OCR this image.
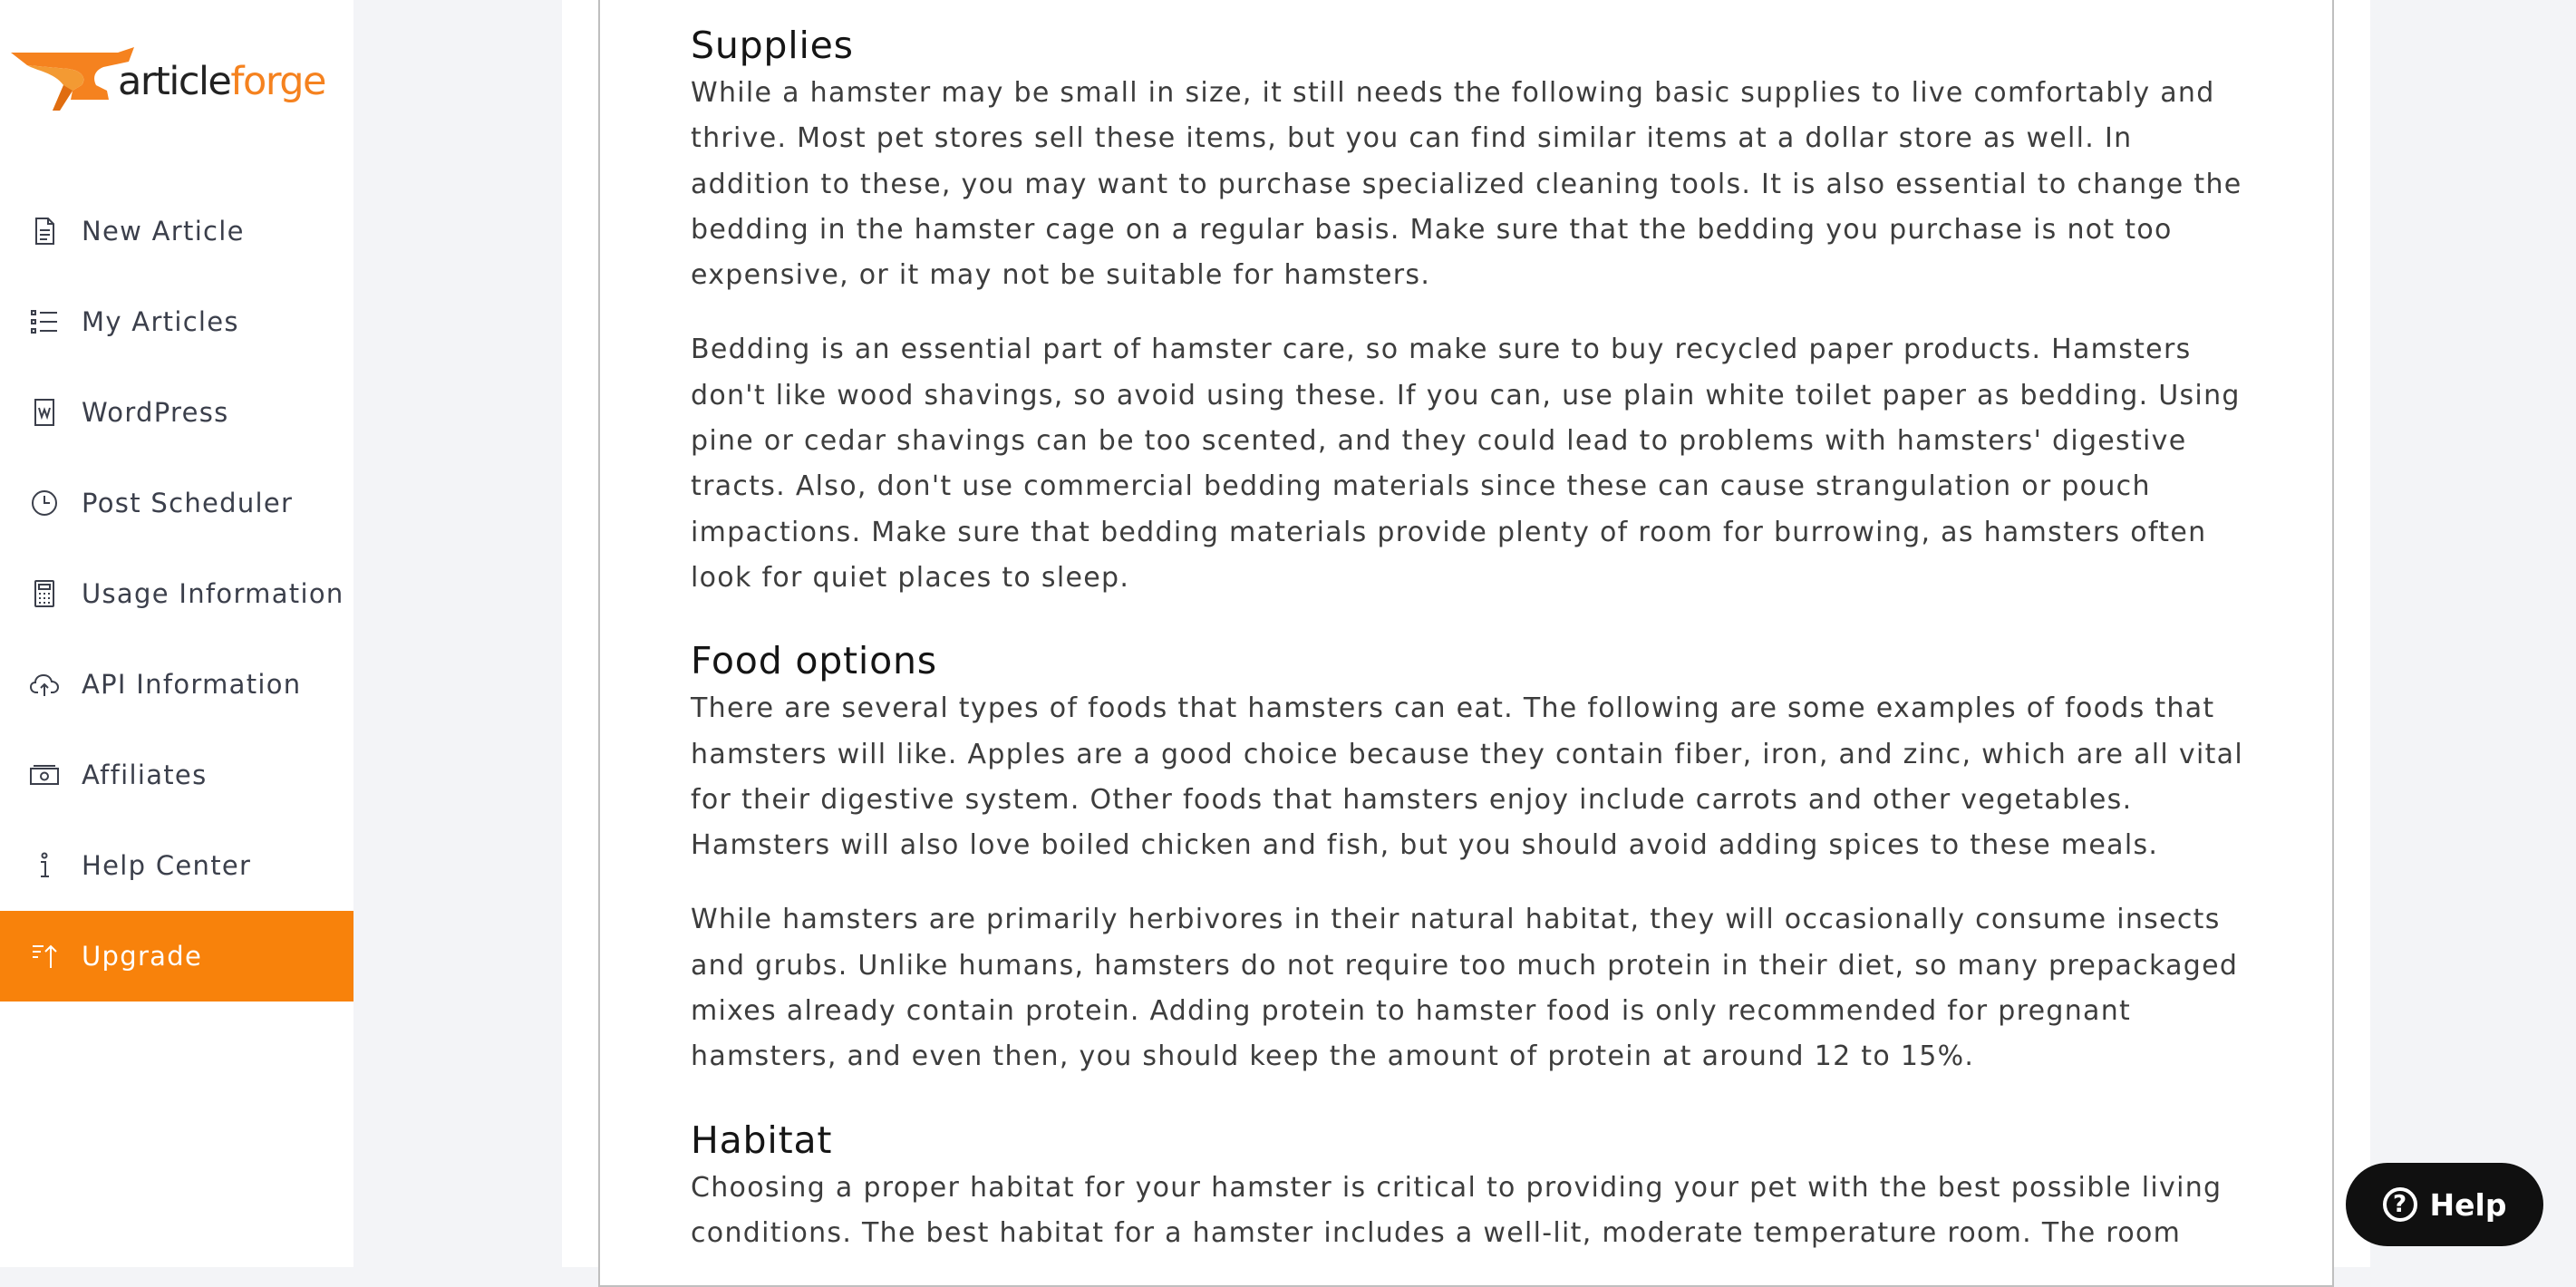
articleforge
New Article
My Articles
WordPress
Post Scheduler
Usage Information
API Information
Affiliates
Help Center
Upgrade
Supplies

While a hamster may be small in size, it still needs the following basic supplies to live comfortably and thrive. Most pet stores sell these items, but you can find similar items at a dollar store as well. In addition to these, you may want to purchase specialized cleaning tools. It is also essential to change the bedding in the hamster cage on a regular basis. Make sure that the bedding you purchase is not too expensive, or it may not be suitable for hamsters.

Bedding is an essential part of hamster care, so make sure to buy recycled paper products. Hamsters don't like wood shavings, so avoid using these. If you can, use plain white toilet paper as bedding. Using pine or cedar shavings can be too scented, and they could lead to problems with hamsters' digestive tracts. Also, don't use commercial bedding materials since these can cause strangulation or pouch impactions. Make sure that bedding materials provide plenty of room for burrowing, as hamsters often look for quiet places to sleep.

Food options

There are several types of foods that hamsters can eat. The following are some examples of foods that hamsters will like. Apples are a good choice because they contain fiber, iron, and zinc, which are all vital for their digestive system. Other foods that hamsters enjoy include carrots and other vegetables. Hamsters will also love boiled chicken and fish, but you should avoid adding spices to these meals.

While hamsters are primarily herbivores in their natural habitat, they will occasionally consume insects and grubs. Unlike humans, hamsters do not require too much protein in their diet, so many prepackaged mixes already contain protein. Adding protein to hamster food is only recommended for pregnant hamsters, and even then, you should keep the amount of protein at around 12 to 15%.

Habitat

Choosing a proper habitat for your hamster is critical to providing your pet with the best possible living conditions. The best habitat for a hamster includes a well-lit, moderate temperature room. The room

? Help
